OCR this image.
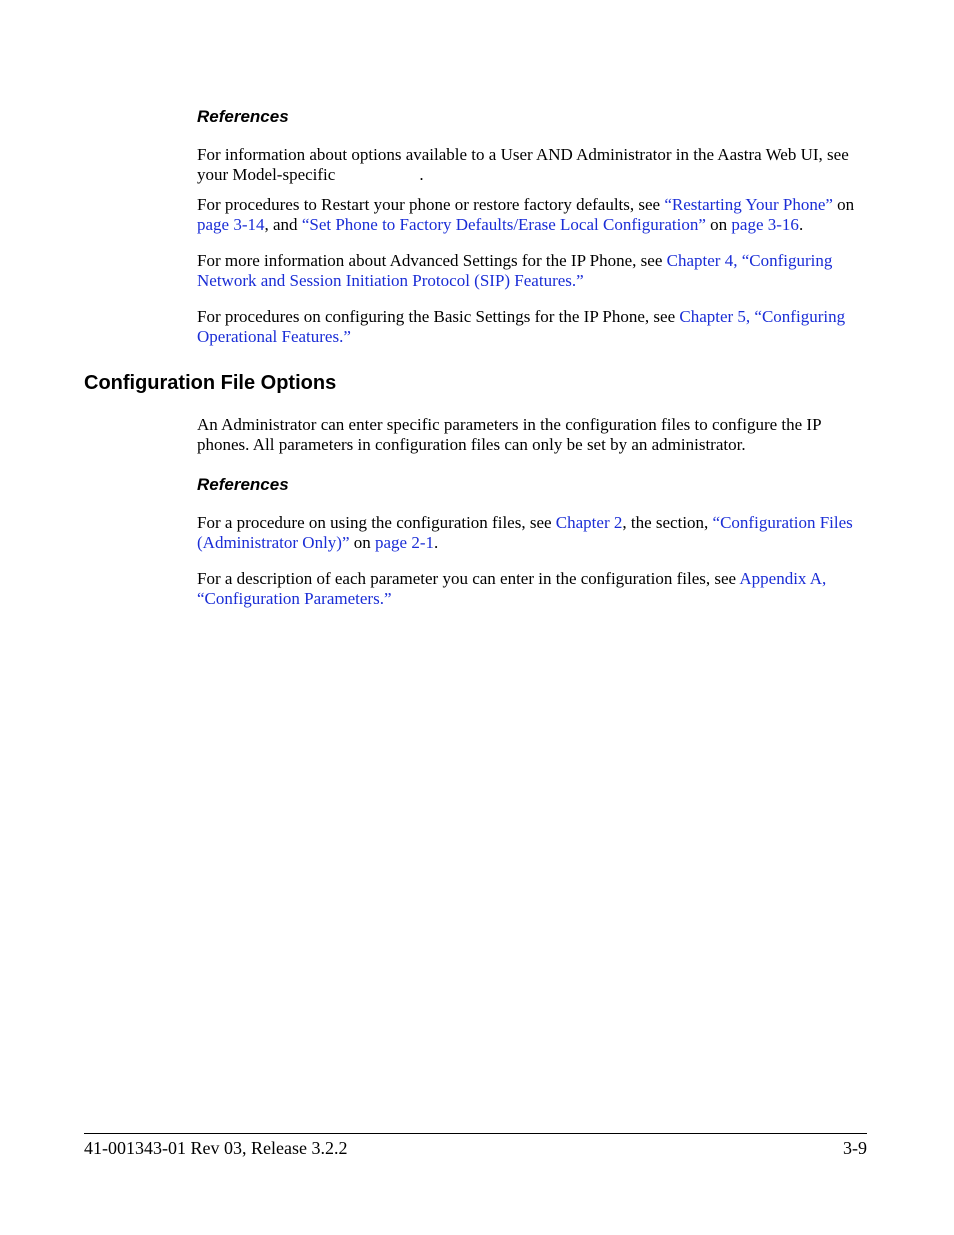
References
For information about options available to a User AND Administrator in the Aastra Web UI, see your Model-specific	.
For procedures to Restart your phone or restore factory defaults, see “Restarting Your Phone” on page 3-14, and “Set Phone to Factory Defaults/Erase Local Configuration” on page 3-16.
For more information about Advanced Settings for the IP Phone, see Chapter 4, “Configuring Network and Session Initiation Protocol (SIP) Features.”
For procedures on configuring the Basic Settings for the IP Phone, see Chapter 5, “Configuring Operational Features.”
Configuration File Options
An Administrator can enter specific parameters in the configuration files to configure the IP phones. All parameters in configuration files can only be set by an administrator.
References
For a procedure on using the configuration files, see Chapter 2, the section, “Configuration Files (Administrator Only)” on page 2-1.
For a description of each parameter you can enter in the configuration files, see Appendix A, “Configuration Parameters.”
41-001343-01 Rev 03, Release 3.2.2	3-9
